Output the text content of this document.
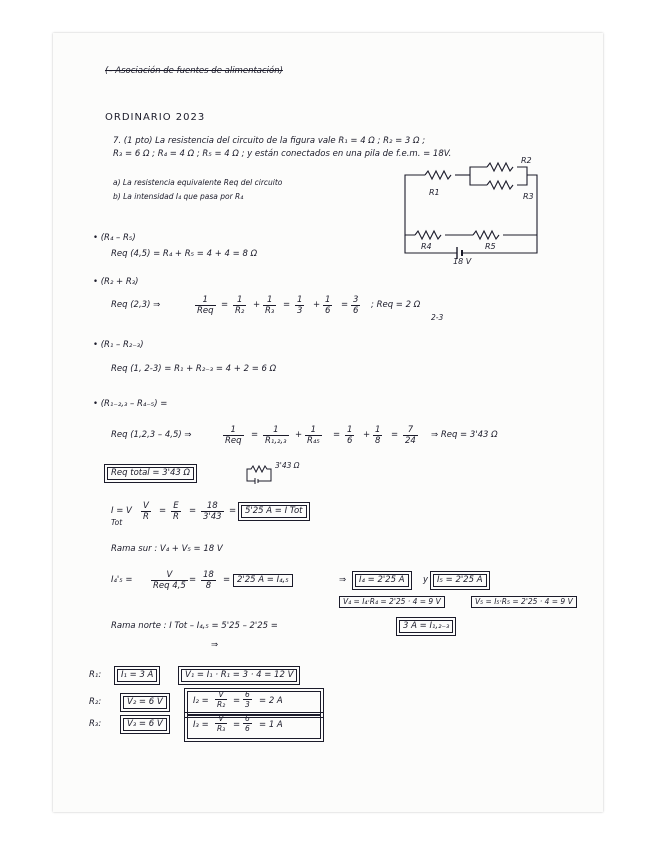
(– Asociación de fuentes de alimentación)
ORDINARIO 2023
7. (1 pto) La resistencia del circuito de la figura vale R₁ = 4 Ω ; R₂ = 3 Ω ;
R₃ = 6 Ω ; R₄ = 4 Ω ; R₅ = 4 Ω ; y están conectados en una pila de f.e.m. = 18V.
a) La resistencia equivalente Req del circuito
b) La intensidad I₄ que pasa por R₄	R1
R2
R3
R4	R5
18 V
• (R₄ – R₅)
Req (4,5) = R₄ + R₅ = 4 + 4 = 8 Ω
• (R₂ + R₃)
Req (2,3) ⇒	1
Req
= $\frac{1}{\text{R₂}} + \frac{1}{\text{R₃}} = \frac{1}{3} + \frac{1}{6} = \frac{3}{6}$ ; Req = 2 Ω
2-3
• (R₁ – R₂₋₃)
Req (1, 2-3) = R₁ + R₂₋₃ = 4 + 2 = 6 Ω
• (R₁₋₂,₃ – R₄₋₅) =
Req (1,2,3 – 4,5) ⇒	1
Req
= $\frac{1}{\text{R₁,₂,₃}} + \frac{1}{\text{R₄₅}} = \frac{1}{6} + \frac{1}{8} = \frac{7}{24}$ ⇒ Req = 3'43 Ω
Req total = 3'43 Ω
3'43 Ω
I = V
Tot
$\frac{V}{R} = \frac{E}{R} = \frac{18}{3'43}$ =	5'25 A = I Tot
Rama sur : V₄ + V₅ = 18 V
I₄'₅ =	V
Req 4,5
= $\frac{18}{8} = 2'25$ A = I₄,₅	⇒	I₄ = 2'25 A	y	I₅ = 2'25 A
V₄ = I₄·R₄ = 2'25 · 4 = 9 V	V₅ = I₅·R₅ = 2'25 · 4 = 9 V
Rama norte : I Tot – I₄,₅ = 5'25 – 2'25 =	3 A = I₁,₂₋₃
⇒
R₁:	I₁ = 3 A	V₁ = I₁ · R₁ = 3 · 4 = 12 V
R₂:	V₂ = 6 V	$I_2 = \frac{V}{\text{R₂}} = \frac{6}{3} = 2$ A
R₃:	V₃ = 6 V	$I_3 = \frac{V}{\text{R₃}} = \frac{6}{6} = 1$ A
